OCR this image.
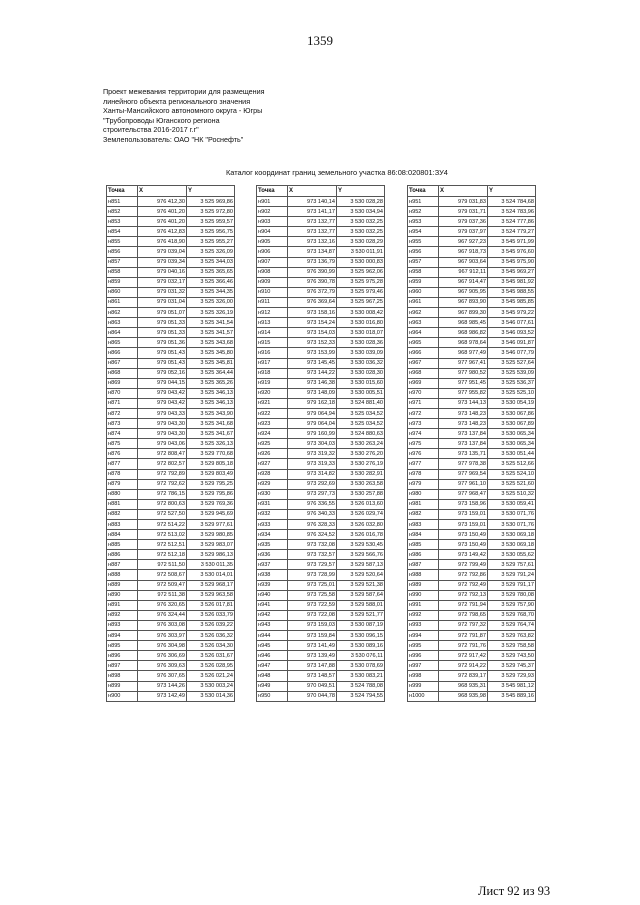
1359
Проект межевания территории для размещения
линейного объекта регионального значения
Ханты-Мансийского автономного округа - Югры
"Трубопроводы Юганского региона
строительства 2016-2017 г.г"
Землепользователь: ОАО "НК "Роснефть"
Каталог координат границ земельного участка 86:08:020801:ЗУ4
Точка	X	Y
н851	976 412,30	3 525 969,86
н852	976 401,20	3 525 972,80
н853	976 401,20	3 525 959,57
н854	976 412,83	3 525 956,75
н855	976 418,90	3 525 955,27
н856	979 039,04	3 525 326,09
н857	979 039,34	3 525 344,03
н858	979 040,16	3 525 365,65
н859	979 032,17	3 525 366,46
н860	979 031,32	3 525 344,35
н861	979 031,04	3 525 326,00
н862	979 051,07	3 525 326,19
н863	979 051,33	3 525 341,54
н864	979 051,33	3 525 341,57
н865	979 051,36	3 525 343,68
н866	979 051,43	3 525 345,80
н867	979 051,43	3 525 345,81
н868	979 052,16	3 525 364,44
н869	979 044,15	3 525 365,26
н870	979 043,42	3 525 346,13
н871	979 043,42	3 525 346,13
н872	979 043,33	3 525 343,90
н873	979 043,30	3 525 341,68
н874	979 043,30	3 525 341,67
н875	979 043,06	3 525 326,13
н876	972 808,47	3 529 770,68
н877	972 802,57	3 529 805,18
н878	972 792,89	3 529 803,49
н879	972 792,62	3 529 795,25
н880	972 786,15	3 529 795,86
н881	972 800,63	3 529 769,36
н882	972 527,50	3 529 945,69
н883	972 514,22	3 529 977,61
н884	972 513,02	3 529 980,85
н885	972 512,51	3 529 983,07
н886	972 512,18	3 529 986,13
н887	972 511,50	3 530 011,35
н888	972 508,67	3 530 014,01
н889	972 509,47	3 529 968,17
н890	972 511,38	3 529 963,58
н891	976 320,65	3 526 017,81
н892	976 324,44	3 526 033,79
н893	976 303,08	3 526 039,22
н894	976 303,97	3 526 036,32
н895	976 304,98	3 526 034,30
н896	976 306,69	3 526 031,67
н897	976 309,63	3 526 028,95
н898	976 307,65	3 526 021,24
н899	973 144,26	3 530 003,24
н900	973 142,49	3 530 014,36
Точка	X	Y
н901	973 140,14	3 530 028,28
н902	973 141,17	3 530 034,94
н903	973 132,77	3 530 032,25
н904	973 132,77	3 530 032,25
н905	973 132,16	3 530 028,29
н906	973 134,87	3 530 011,91
н907	973 136,79	3 530 000,83
н908	976 390,99	3 525 962,06
н909	976 390,78	3 525 975,28
н910	976 372,79	3 525 979,46
н911	976 369,64	3 525 967,25
н912	973 158,16	3 530 008,42
н913	973 154,24	3 530 016,80
н914	973 154,03	3 530 018,07
н915	973 152,33	3 530 028,36
н916	973 153,99	3 530 039,09
н917	973 145,45	3 530 036,32
н918	973 144,22	3 530 028,30
н919	973 146,38	3 530 015,60
н920	973 148,09	3 530 005,51
н921	979 162,18	3 524 881,40
н922	979 064,94	3 525 034,52
н923	979 064,04	3 525 034,52
н924	979 160,99	3 524 880,63
н925	973 304,03	3 530 263,24
н926	973 319,32	3 530 276,20
н927	973 319,33	3 530 276,19
н928	973 314,82	3 530 282,91
н929	973 292,69	3 530 263,58
н930	973 297,73	3 530 257,88
н931	976 336,55	3 526 013,60
н932	976 340,33	3 526 029,74
н933	976 328,33	3 526 032,80
н934	976 324,52	3 526 016,78
н935	973 732,08	3 529 530,45
н936	973 732,57	3 529 566,76
н937	973 729,57	3 529 587,13
н938	973 728,99	3 529 520,64
н939	973 725,01	3 529 521,38
н940	973 725,58	3 529 587,64
н941	973 722,59	3 529 588,01
н942	973 722,08	3 529 521,77
н943	973 159,03	3 530 087,19
н944	973 159,84	3 530 096,15
н945	973 141,49	3 530 089,16
н946	973 139,49	3 530 076,11
н947	973 147,88	3 530 078,69
н948	973 148,57	3 530 083,21
н949	970 049,51	3 524 788,08
н950	970 044,78	3 524 794,55
Точка	X	Y
н951	979 031,83	3 524 784,68
н952	979 031,71	3 524 783,96
н953	979 037,36	3 524 777,86
н954	979 037,97	3 524 779,27
н955	967 927,23	3 545 971,99
н956	967 918,73	3 545 976,60
н957	967 903,64	3 545 975,90
н958	967 912,11	3 545 969,27
н959	967 914,47	3 545 981,92
н960	967 905,95	3 545 988,55
н961	967 893,90	3 545 985,85
н962	967 899,30	3 545 979,22
н963	968 985,45	3 546 077,61
н964	968 986,82	3 546 093,52
н965	968 978,64	3 546 091,87
н966	968 977,49	3 546 077,79
н967	977 967,41	3 525 527,64
н968	977 980,52	3 525 539,09
н969	977 951,45	3 525 536,37
н970	977 955,82	3 525 525,10
н971	973 144,13	3 530 054,19
н972	973 148,23	3 530 067,86
н973	973 148,23	3 530 067,89
н974	973 137,84	3 530 065,34
н975	973 137,84	3 530 065,34
н976	973 135,71	3 530 051,44
н977	977 978,38	3 525 512,66
н978	977 969,54	3 525 524,10
н979	977 961,10	3 525 521,60
н980	977 968,47	3 525 510,32
н981	973 158,96	3 530 059,41
н982	973 159,01	3 530 071,76
н983	973 159,01	3 530 071,76
н984	973 150,49	3 530 069,18
н985	973 150,49	3 530 069,18
н986	973 149,42	3 530 055,62
н987	972 799,49	3 529 757,61
н988	972 792,86	3 529 791,24
н989	972 792,49	3 529 791,17
н990	972 792,13	3 529 780,08
н991	972 791,94	3 529 757,90
н992	972 798,65	3 529 768,70
н993	972 797,32	3 529 764,74
н994	972 791,87	3 529 763,82
н995	972 791,76	3 529 758,58
н996	972 917,42	3 529 743,50
н997	972 914,22	3 529 745,37
н998	972 839,17	3 529 729,93
н999	968 935,31	3 545 981,12
н1000	968 935,98	3 545 889,16
Лист 92 из 93
